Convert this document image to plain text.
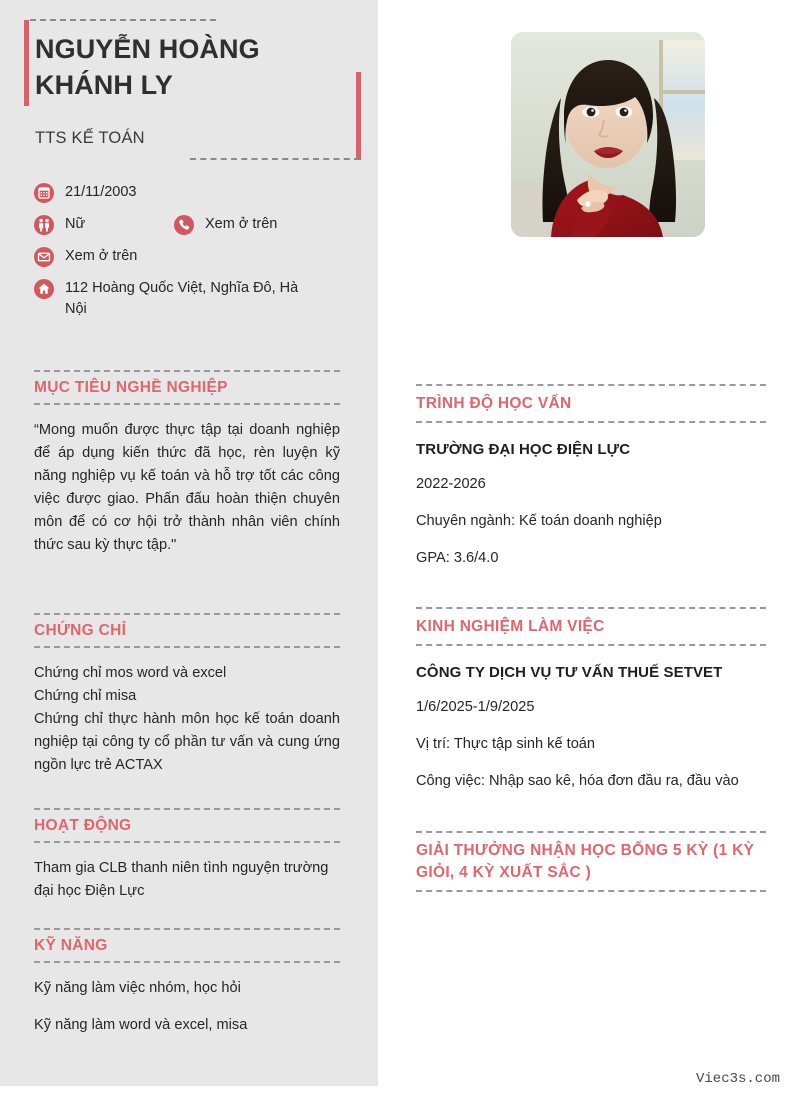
NGUYỄN HOÀNG KHÁNH LY
TTS KẾ TOÁN
21/11/2003
Nữ	Xem ở trên
Xem ở trên
112 Hoàng Quốc Việt, Nghĩa Đô, Hà Nội
MỤC TIÊU NGHỀ NGHIỆP
“Mong muốn được thực tập tại doanh nghiệp để áp dụng kiến thức đã học, rèn luyện kỹ năng nghiệp vụ kế toán và hỗ trợ tốt các công việc được giao. Phấn đấu hoàn thiện chuyên môn để có cơ hội trở thành nhân viên chính thức sau kỳ thực tập."
CHỨNG CHỈ

Chứng chỉ mos word và excel

Chứng chỉ misa

Chứng chỉ thực hành môn học kế toán doanh nghiệp tại công ty cổ phần tư vấn và cung ứng ngồn lực trẻ ACTAX

HOẠT ĐỘNG
Tham gia CLB thanh niên tình nguyện trường đại học Điện Lực
KỸ NĂNG

Kỹ năng làm việc nhóm, học hỏi

Kỹ năng làm word và excel, misa

TRÌNH ĐỘ HỌC VẤN
TRƯỜNG ĐẠI HỌC ĐIỆN LỰC
2022-2026
Chuyên ngành: Kế toán doanh nghiệp
GPA: 3.6/4.0
KINH NGHIỆM LÀM VIỆC
CÔNG TY DỊCH VỤ TƯ VẤN THUẾ SETVET
1/6/2025-1/9/2025
Vị trí: Thực tập sinh kế toán
Công việc: Nhập sao kê, hóa đơn đầu ra, đầu vào
GIẢI THƯỞNG NHẬN HỌC BỔNG 5 KỲ (1 KỲ GIỎI, 4 KỲ XUẤT SẮC )
Viec3s.com
